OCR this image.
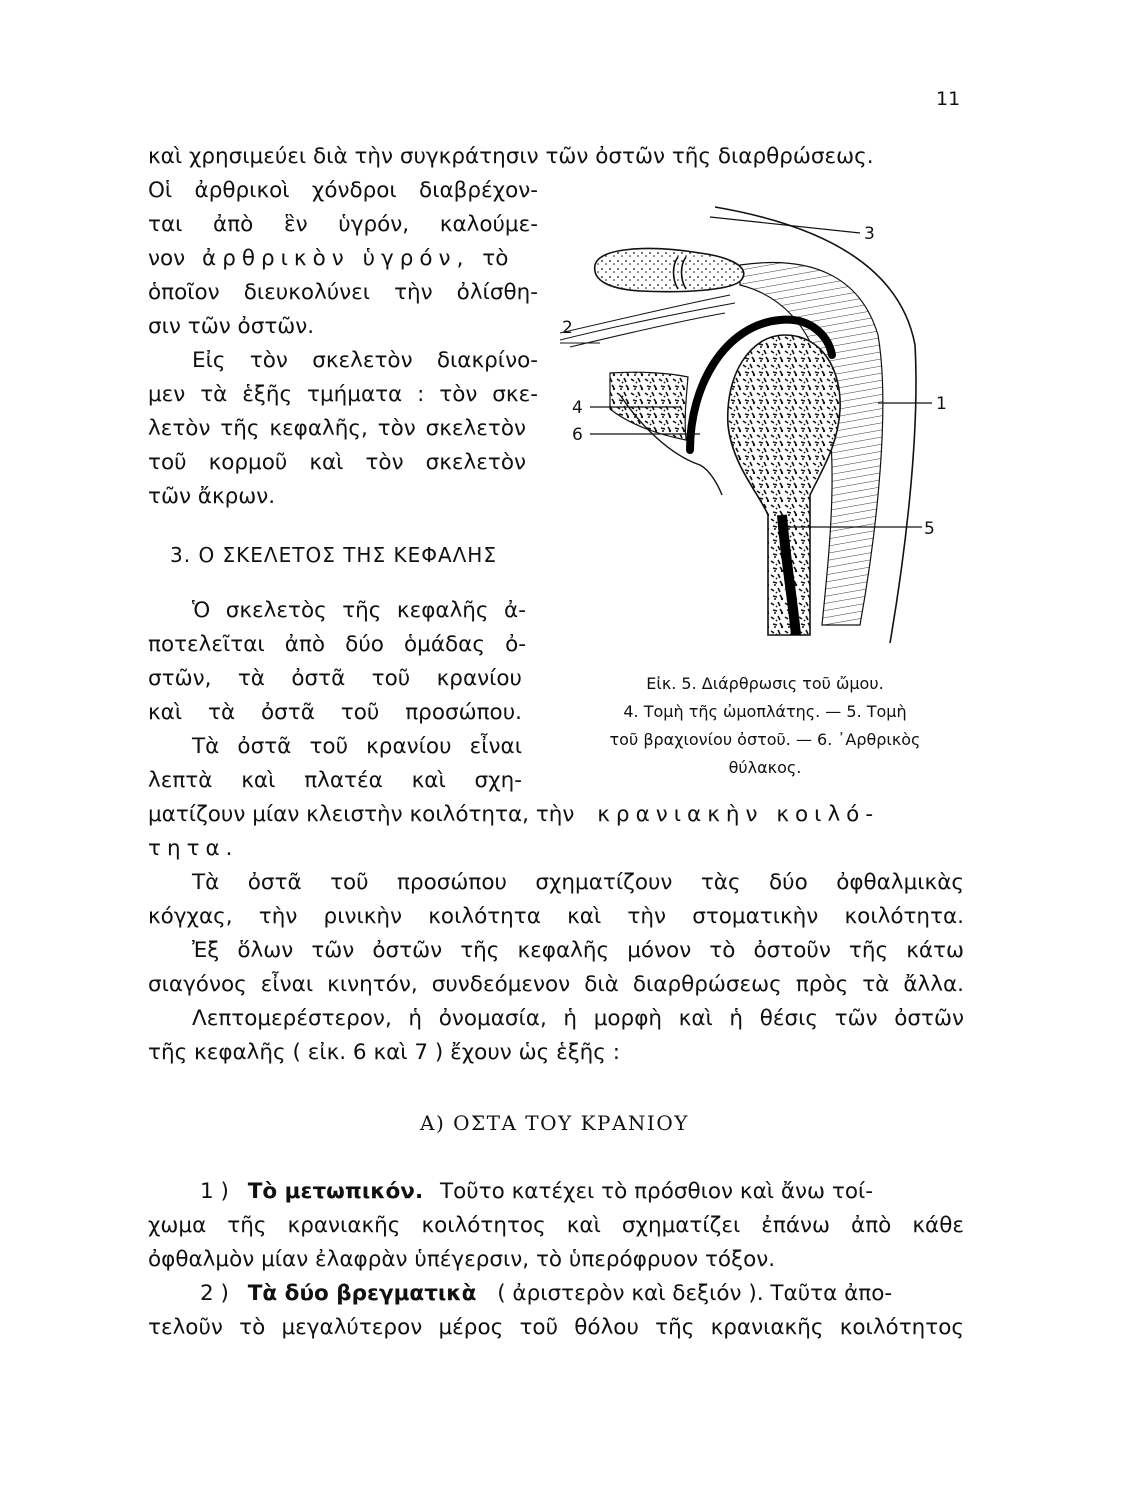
11
καὶ χρησιμεύει διὰ τὴν συγκράτησιν τῶν ὀστῶν τῆς διαρθρώσεως.
Οἱ ἀρθρικοὶ χόνδροι διαβρέχον-
ται ἀπὸ ἓν ὑγρόν, καλούμε-
νον ἀρθρικὸν ὑγρόν, τὸ
ὁποῖον διευκολύνει τὴν ὀλίσθη-
σιν τῶν ὀστῶν.
Εἰς τὸν σκελετὸν διακρίνο-
μεν τὰ ἑξῆς τμήματα : τὸν σκε-
λετὸν τῆς κεφαλῆς, τὸν σκελετὸν
τοῦ κορμοῦ καὶ τὸν σκελετὸν
τῶν ἄκρων.
3. Ο ΣΚΕΛΕΤΟΣ ΤΗΣ ΚΕΦΑΛΗΣ
Ὁ σκελετὸς τῆς κεφαλῆς ἀ-
ποτελεῖται ἀπὸ δύο ὁμάδας ὀ-
στῶν, τὰ ὀστᾶ τοῦ κρανίου
καὶ τὰ ὀστᾶ τοῦ προσώπου.
Τὰ ὀστᾶ τοῦ κρανίου εἶναι
λεπτὰ καὶ πλατέα καὶ σχη-
ματίζουν μίαν κλειστὴν κοιλότητα, τὴν κρανιακὴν κοιλό-
τητα.
Τὰ ὀστᾶ τοῦ προσώπου σχηματίζουν τὰς δύο ὀφθαλμικὰς
κόγχας, τὴν ρινικὴν κοιλότητα καὶ τὴν στοματικὴν κοιλότητα.
Ἐξ ὅλων τῶν ὀστῶν τῆς κεφαλῆς μόνον τὸ ὀστοῦν τῆς κάτω
σιαγόνος εἶναι κινητόν, συνδεόμενον διὰ διαρθρώσεως πρὸς τὰ ἄλλα.
Λεπτομερέστερον, ἡ ὀνομασία, ἡ μορφὴ καὶ ἡ θέσις τῶν ὀστῶν
τῆς κεφαλῆς ( εἰκ. 6 καὶ 7 ) ἔχουν ὡς ἑξῆς :
Α) ΟΣΤΑ ΤΟΥ ΚΡΑΝΙΟΥ
1 ) Τὸ μετωπικόν. Τοῦτο κατέχει τὸ πρόσθιον καὶ ἄνω τοί-
χωμα τῆς κρανιακῆς κοιλότητος καὶ σχηματίζει ἐπάνω ἀπὸ κάθε
ὀφθαλμὸν μίαν ἐλαφρὰν ὑπέγερσιν, τὸ ὑπερόφρυον τόξον.
2 ) Τὰ δύο βρεγματικὰ ( ἀριστερὸν καὶ δεξιόν ). Ταῦτα ἀπο-
τελοῦν τὸ μεγαλύτερον μέρος τοῦ θόλου τῆς κρανιακῆς κοιλότητος
3
2
1
4
6
5
Εἰκ. 5. Διάρθρωσις τοῦ ὤμου.
4. Τομὴ τῆς ὠμοπλάτης. — 5. Τομὴ
τοῦ βραχιονίου ὀστοῦ. — 6. ᾿Αρθρικὸς
θύλακος.
